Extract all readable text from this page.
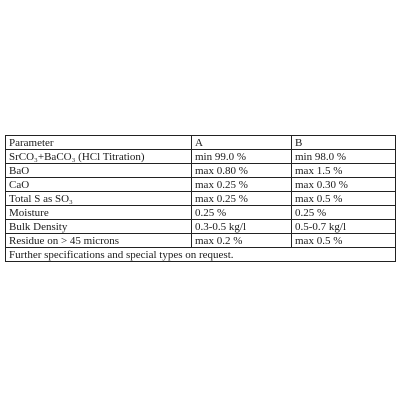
Parameter	A	B
SrCO₃+BaCO₃ (HCl Titration)	min 99.0 %	min 98.0 %
BaO	max 0.80 %	max 1.5 %
CaO	max 0.25 %	max 0.30 %
Total S as SO₃	max 0.25 %	max 0.5 %
Moisture	0.25 %	0.25 %
Bulk Density	0.3-0.5 kg/l	0.5-0.7 kg/l
Residue on > 45 microns	max 0.2 %	max 0.5 %
Further specifications and special types on request.		
